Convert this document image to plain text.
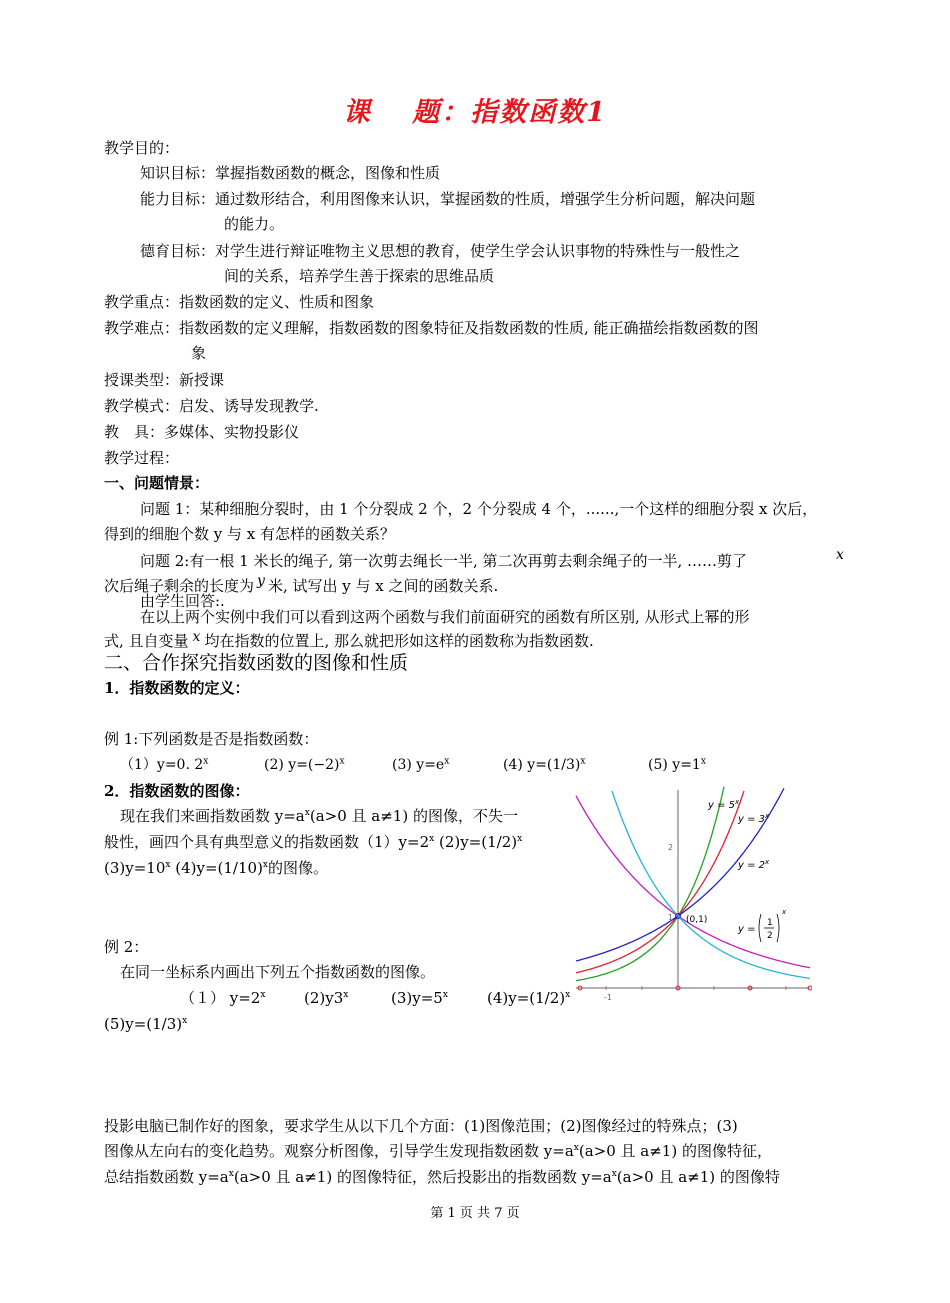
课　 题：指数函数1
教学目的：
知识目标：掌握指数函数的概念，图像和性质
能力目标：通过数形结合，利用图像来认识，掌握函数的性质，增强学生分析问题，解决问题
的能力。
德育目标：对学生进行辩证唯物主义思想的教育，使学生学会认识事物的特殊性与一般性之
间的关系，培养学生善于探索的思维品质
教学重点：指数函数的定义、性质和图象
教学难点：指数函数的定义理解，指数函数的图象特征及指数函数的性质, 能正确描绘指数函数的图
象
授课类型：新授课
教学模式：启发、诱导发现教学.
教　具：多媒体、实物投影仪
教学过程：
一、问题情景：
问题 1：某种细胞分裂时，由 1 个分裂成 2 个，2 个分裂成 4 个，......,一个这样的细胞分裂 x 次后，
得到的细胞个数 y 与 x 有怎样的函数关系？
问题 2:有一根 1 米长的绳子, 第一次剪去绳长一半, 第二次再剪去剩余绳子的一半, ……剪了	x
次后绳子剩余的长度为 y 米, 试写出 y 与 x 之间的函数关系.
由学生回答:.
在以上两个实例中我们可以看到这两个函数与我们前面研究的函数有所区别, 从形式上幂的形
式, 且自变量 x 均在指数的位置上, 那么就把形如这样的函数称为指数函数.
二、合作探究指数函数的图像和性质
1．指数函数的定义：
例 1:下列函数是否是指数函数：
（1）y=0. 2$^x$	(2) $y=(-2)^x$	(3) $y=e^x$	(4) $y=(1/3)^x$	(5) $y=1^x$
2．指数函数的图像：
现在我们来画指数函数 $y=a^x(a>0$ 且 a≠1) 的图像，不失一
般性，画四个具有典型意义的指数函数$(1)y=2^x$ $(2)y=(1/2)^x$
$(3)y=10^x$ $(4)y=(1/10)^x$的图像。
例 2：
在同一坐标系内画出下列五个指数函数的图像。
（１） $y=2^x$	(2)y3$^x$	$(3)y=5^x$	$(4)y=(1/2)^x$
$(5)y=(1/3)^x$
投影电脑已制作好的图象，要求学生从以下几个方面：(1)图像范围；(2)图像经过的特殊点；(3)
图像从左向右的变化趋势。观察分析图像，引导学生发现指数函数 $y=a^x(a>0$ 且 a≠1) 的图像特征，
总结指数函数 $y=a^x(a>0$ 且 a≠1) 的图像特征，然后投影出的指数函数 $y=a^x(a>0$ 且 a≠1) 的图像特
第 1 页 共 7 页
(0,1)
2
1
-1
$y = 5^x$
$y = 3^x$
$y = 2^x$
y =
1
2
x
